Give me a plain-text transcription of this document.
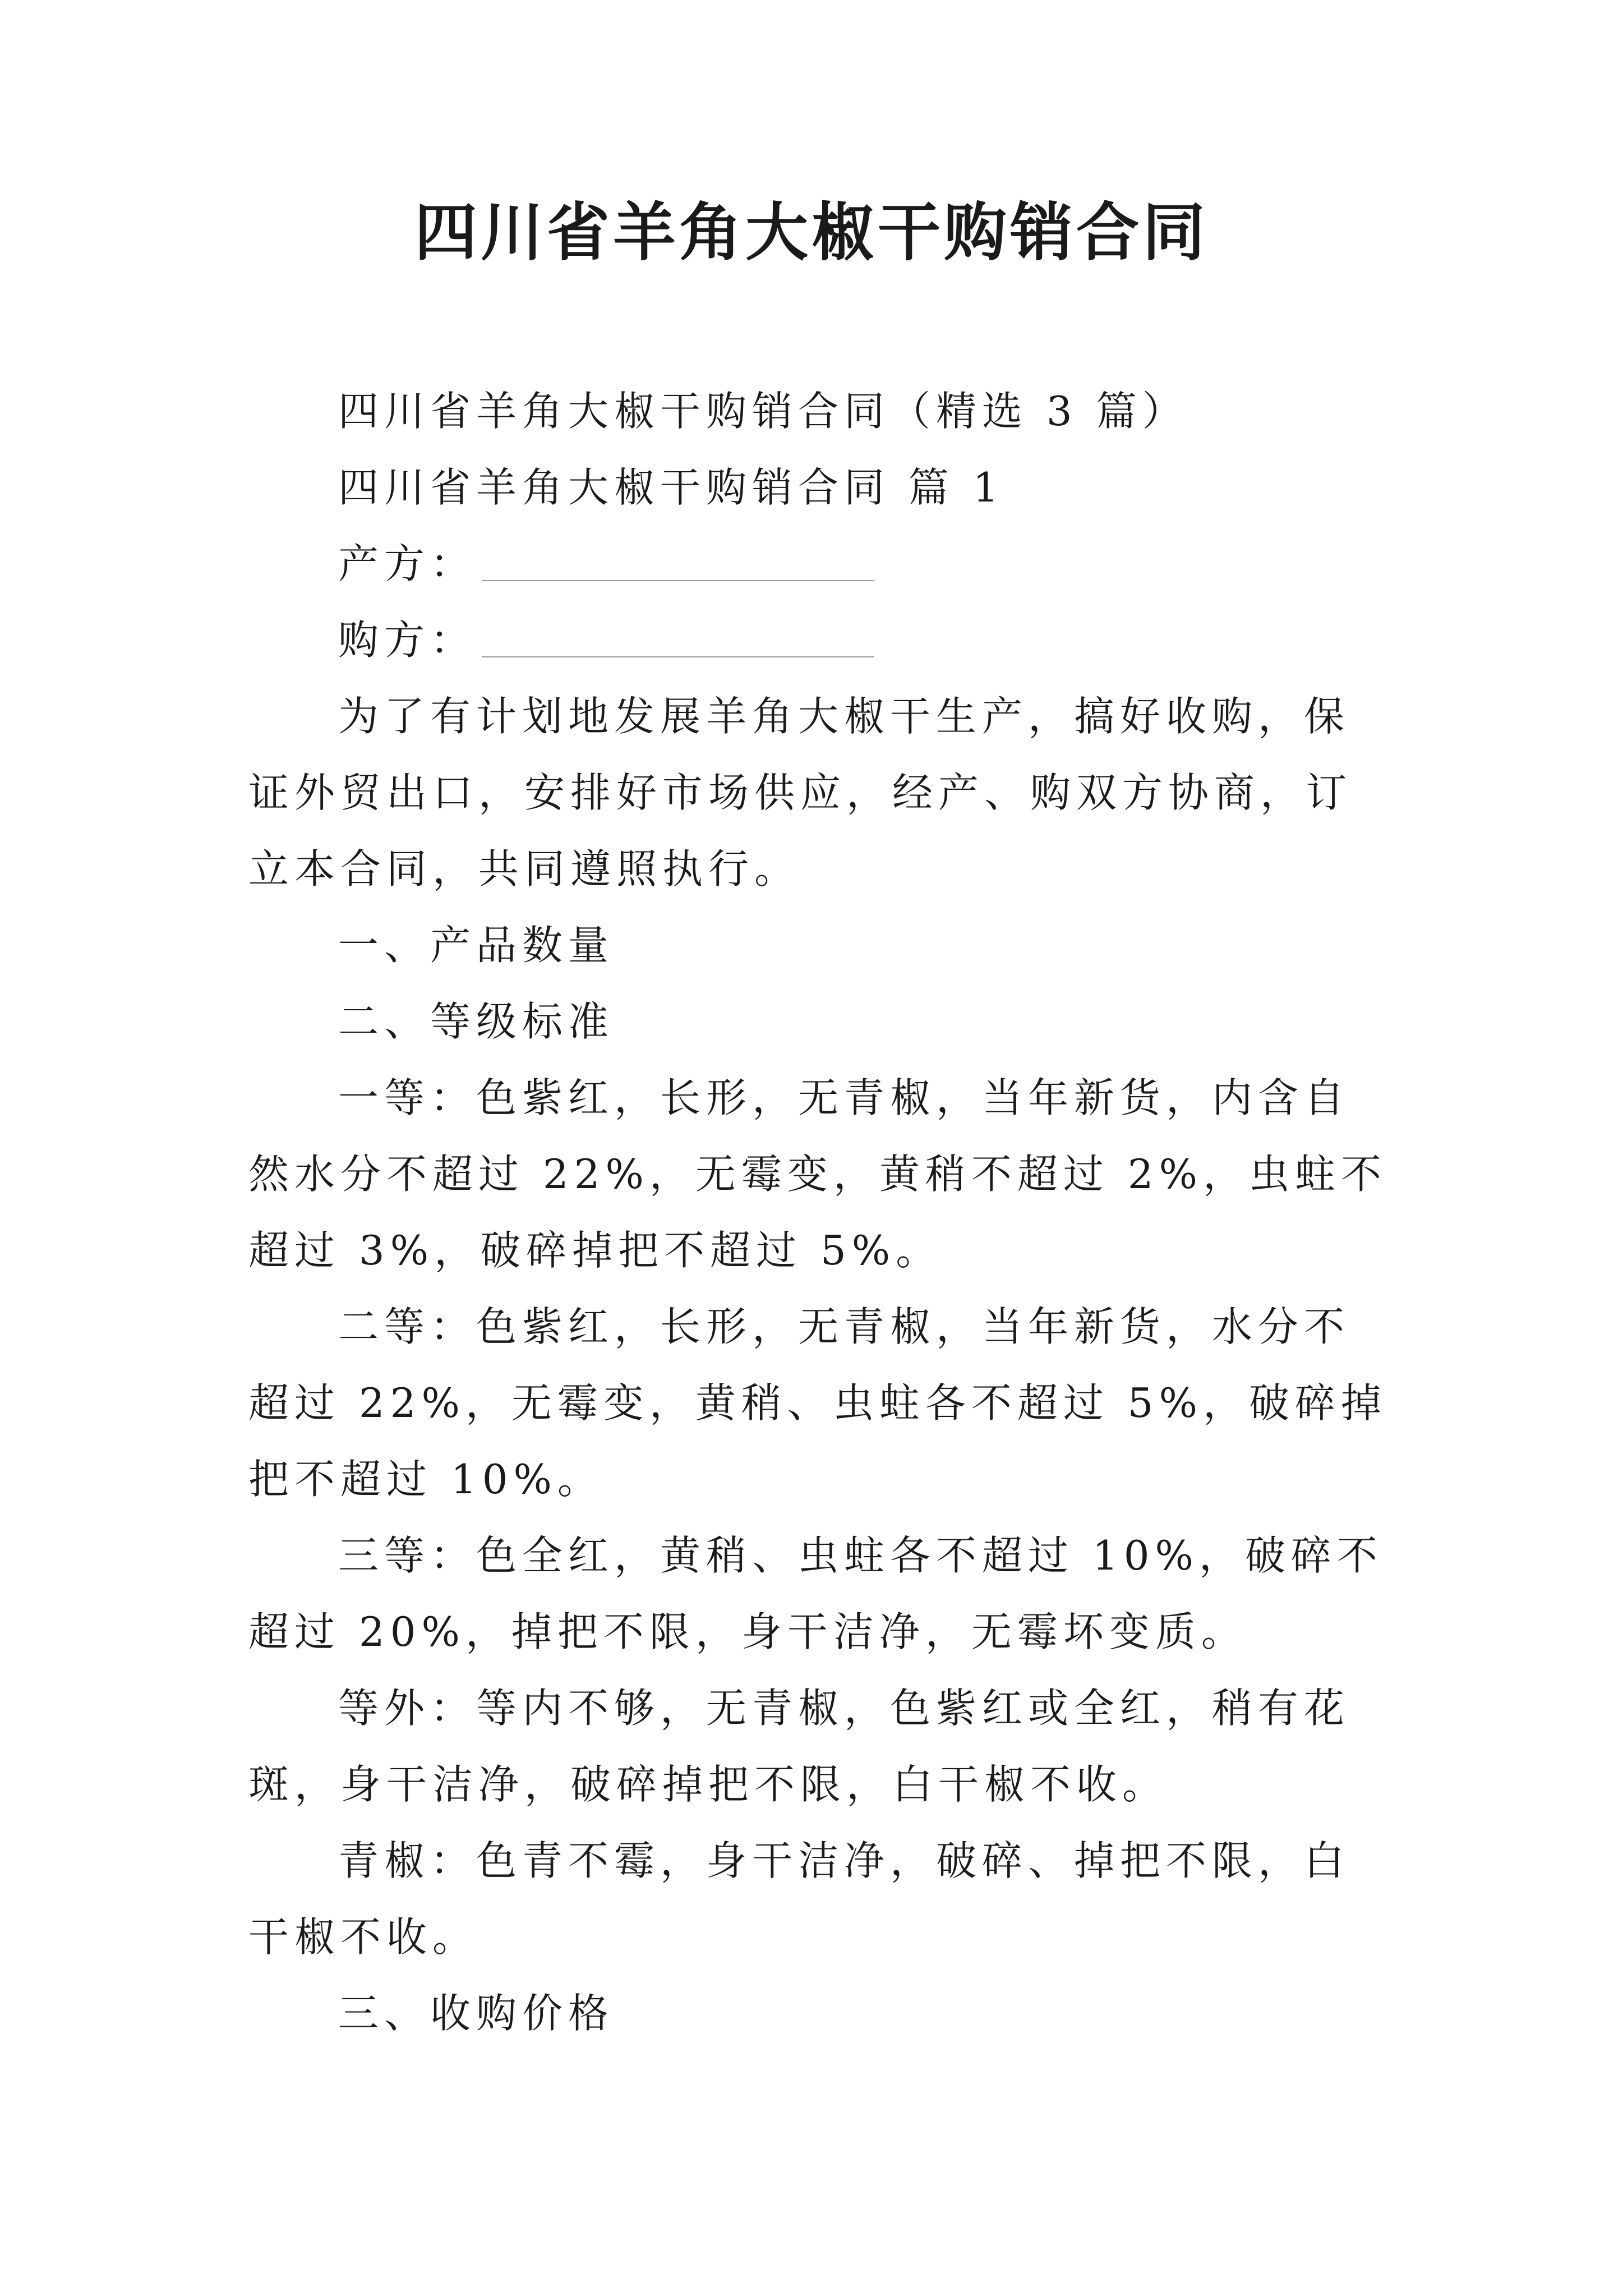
四川省羊角大椒干购销合同

四川省羊角大椒干购销合同（精选 3 篇）

四川省羊角大椒干购销合同 篇 1

产方：

购方：

为了有计划地发展羊角大椒干生产，搞好收购，保证外贸出口，安排好市场供应，经产、购双方协商，订立本合同，共同遵照执行。

一、产品数量

二、等级标准

一等：色紫红，长形，无青椒，当年新货，内含自然水分不超过 22%，无霉变，黄稍不超过 2%，虫蛀不超过 3%，破碎掉把不超过 5%。

二等：色紫红，长形，无青椒，当年新货，水分不超过 22%，无霉变，黄稍、虫蛀各不超过 5%，破碎掉把不超过 10%。

三等：色全红，黄稍、虫蛀各不超过 10%，破碎不超过 20%，掉把不限，身干洁净，无霉坏变质。

等外：等内不够，无青椒，色紫红或全红，稍有花斑，身干洁净，破碎掉把不限，白干椒不收。

青椒：色青不霉，身干洁净，破碎、掉把不限，白干椒不收。

三、收购价格
